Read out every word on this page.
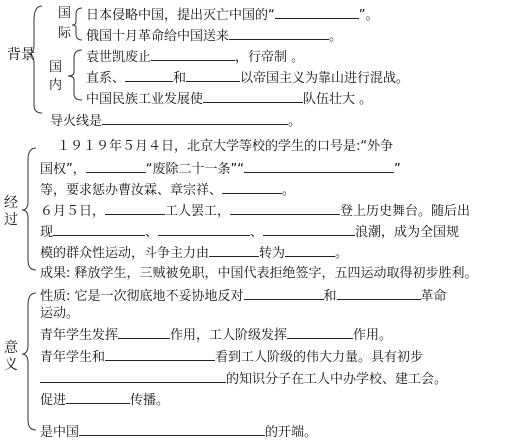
背景
经过
意义
国
际
国
内
日本侵略中国，提出灭亡中国的“	”。
俄国十月革命给中国送来	。
袁世凯废止	，行帝制 。
直系、	和	以帝国主义为靠山进行混战。
中国民族工业发展使	队伍壮大 。
导火线是	。
１９１９年５月４日，北京大学等校的学生的口号是:“外争
国权”，	“废除二十一条”“	”
等，要求惩办曹汝霖、章宗祥、	。
６月５日，	工人罢工，	登上历史舞台。随后出
现	、	、	浪潮，成为全国规
模的群众性运动，斗争主力由	转为	。
成果: 释放学生，三贼被免职，中国代表拒绝签字，五四运动取得初步胜利。
性质: 它是一次彻底地不妥协地反对	和	革命
运动。
青年学生发挥	作用，工人阶级发挥	作用。
青年学生和	看到工人阶级的伟大力量。具有初步
的知识分子在工人中办学校、建工会。
促进	传播。
是中国	的开端。
